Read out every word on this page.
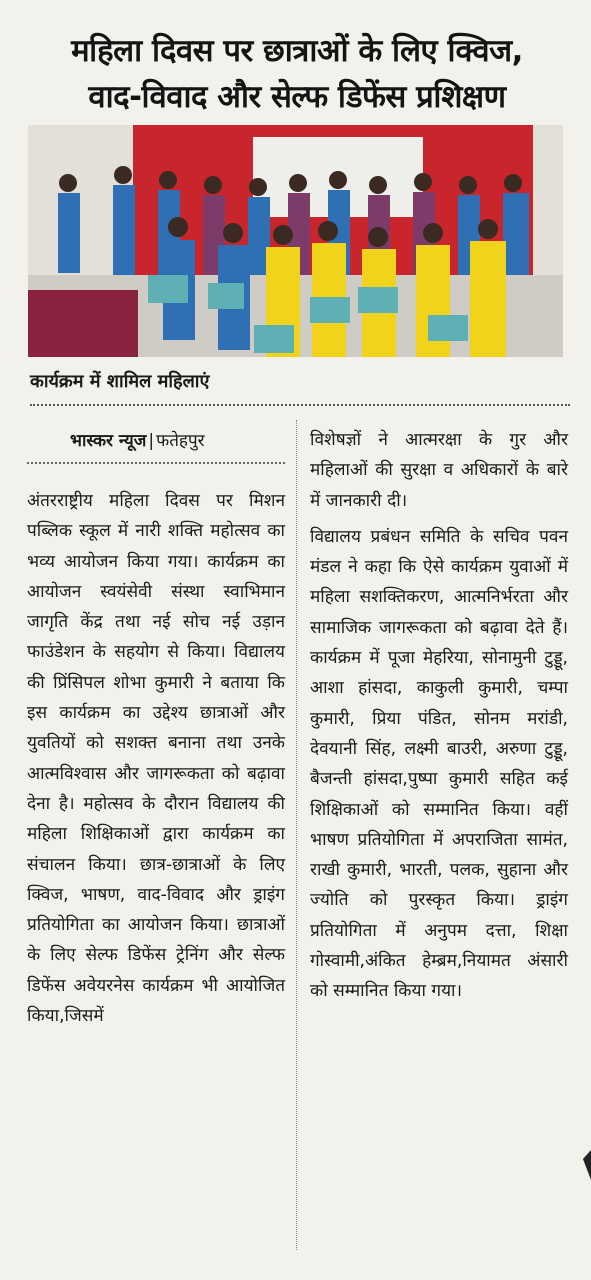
महिला दिवस पर छात्राओं के लिए क्विज,
वाद-विवाद और सेल्फ डिफेंस प्रशिक्षण
कार्यक्रम में शामिल महिलाएं
भास्कर न्यूज | फतेहपुर

अंतरराष्ट्रीय महिला दिवस पर मिशन पब्लिक स्कूल में नारी शक्ति महोत्सव का भव्य आयोजन किया गया। कार्यक्रम का आयोजन स्वयंसेवी संस्था स्वाभिमान जागृति केंद्र तथा नई सोच नई उड़ान फाउंडेशन के सहयोग से किया। विद्यालय की प्रिंसिपल शोभा कुमारी ने बताया कि इस कार्यक्रम का उद्देश्य छात्राओं और युवतियों को सशक्त बनाना तथा उनके आत्मविश्वास और जागरूकता को बढ़ावा देना है। महोत्सव के दौरान विद्यालय की महिला शिक्षिकाओं द्वारा कार्यक्रम का संचालन किया। छात्र-छात्राओं के लिए क्विज, भाषण, वाद-विवाद और ड्राइंग प्रतियोगिता का आयोजन किया। छात्राओं के लिए सेल्फ डिफेंस ट्रेनिंग और सेल्फ डिफेंस अवेयरनेस कार्यक्रम भी आयोजित किया,जिसमें

विशेषज्ञों ने आत्मरक्षा के गुर और महिलाओं की सुरक्षा व अधिकारों के बारे में जानकारी दी।

विद्यालय प्रबंधन समिति के सचिव पवन मंडल ने कहा कि ऐसे कार्यक्रम युवाओं में महिला सशक्तिकरण, आत्मनिर्भरता और सामाजिक जागरूकता को बढ़ावा देते हैं। कार्यक्रम में पूजा मेहरिया, सोनामुनी टुड्डू, आशा हांसदा, काकुली कुमारी, चम्पा कुमारी, प्रिया पंडित, सोनम मरांडी, देवयानी सिंह, लक्ष्मी बाउरी, अरुणा टुड्डू, बैजन्ती हांसदा,पुष्पा कुमारी सहित कई शिक्षिकाओं को सम्मानित किया। वहीं भाषण प्रतियोगिता में अपराजिता सामंत, राखी कुमारी, भारती, पलक, सुहाना और ज्योति को पुरस्कृत किया। ड्राइंग प्रतियोगिता में अनुपम दत्ता, शिक्षा गोस्वामी,अंकित हेम्ब्रम,नियामत अंसारी को सम्मानित किया गया।
